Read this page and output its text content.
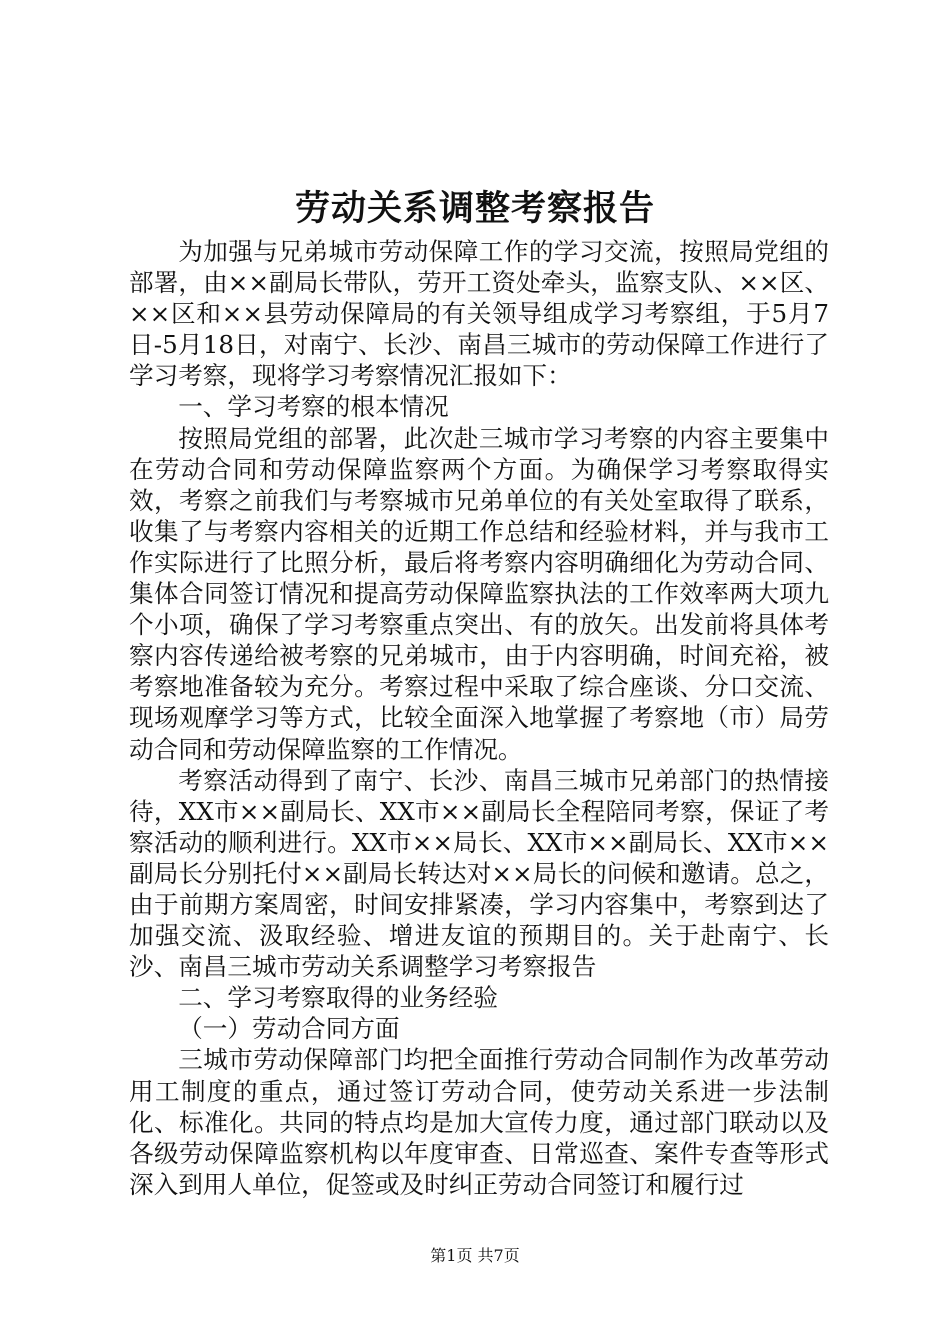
劳动关系调整考察报告

为加强与兄弟城市劳动保障工作的学习交流，按照局党组的部署，由××副局长带队，劳开工资处牵头，监察支队、××区、××区和××县劳动保障局的有关领导组成学习考察组，于5月7日-5月18日，对南宁、长沙、南昌三城市的劳动保障工作进行了学习考察，现将学习考察情况汇报如下：

一、学习考察的根本情况

按照局党组的部署，此次赴三城市学习考察的内容主要集中在劳动合同和劳动保障监察两个方面。为确保学习考察取得实效，考察之前我们与考察城市兄弟单位的有关处室取得了联系，收集了与考察内容相关的近期工作总结和经验材料，并与我市工作实际进行了比照分析，最后将考察内容明确细化为劳动合同、集体合同签订情况和提高劳动保障监察执法的工作效率两大项九个小项，确保了学习考察重点突出、有的放矢。出发前将具体考察内容传递给被考察的兄弟城市，由于内容明确，时间充裕，被考察地准备较为充分。考察过程中采取了综合座谈、分口交流、现场观摩学习等方式，比较全面深入地掌握了考察地（市）局劳动合同和劳动保障监察的工作情况。

考察活动得到了南宁、长沙、南昌三城市兄弟部门的热情接待，XX市××副局长、XX市××副局长全程陪同考察，保证了考察活动的顺利进行。XX市××局长、XX市××副局长、XX市××副局长分别托付××副局长转达对××局长的问候和邀请。总之，由于前期方案周密，时间安排紧凑，学习内容集中，考察到达了加强交流、汲取经验、增进友谊的预期目的。关于赴南宁、长沙、南昌三城市劳动关系调整学习考察报告

二、学习考察取得的业务经验

（一）劳动合同方面

三城市劳动保障部门均把全面推行劳动合同制作为改革劳动用工制度的重点，通过签订劳动合同，使劳动关系进一步法制化、标准化。共同的特点均是加大宣传力度，通过部门联动以及各级劳动保障监察机构以年度审查、日常巡查、案件专查等形式深入到用人单位，促签或及时纠正劳动合同签订和履行过

第1页 共7页
